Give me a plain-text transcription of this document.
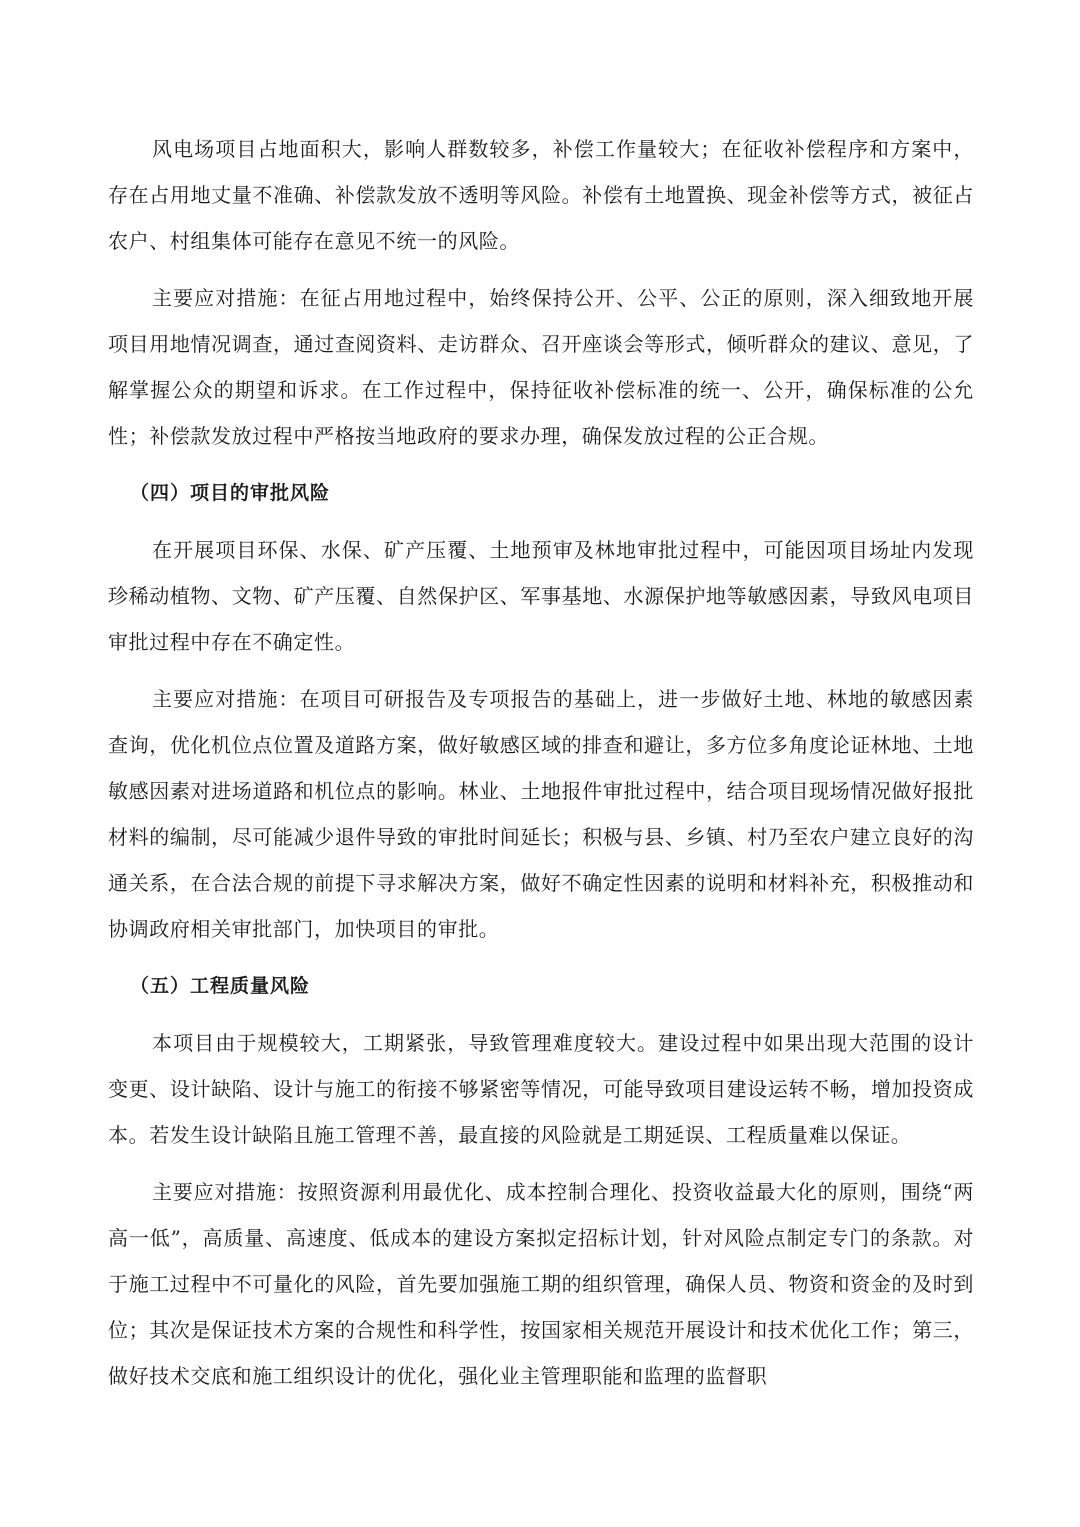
风电场项目占地面积大，影响人群数较多，补偿工作量较大；在征收补偿程序和方案中，存在占用地丈量不准确、补偿款发放不透明等风险。补偿有土地置换、现金补偿等方式，被征占农户、村组集体可能存在意见不统一的风险。

主要应对措施：在征占用地过程中，始终保持公开、公平、公正的原则，深入细致地开展项目用地情况调查，通过查阅资料、走访群众、召开座谈会等形式，倾听群众的建议、意见，了解掌握公众的期望和诉求。在工作过程中，保持征收补偿标准的统一、公开，确保标准的公允性；补偿款发放过程中严格按当地政府的要求办理，确保发放过程的公正合规。

（四）项目的审批风险

在开展项目环保、水保、矿产压覆、土地预审及林地审批过程中，可能因项目场址内发现珍稀动植物、文物、矿产压覆、自然保护区、军事基地、水源保护地等敏感因素，导致风电项目审批过程中存在不确定性。

主要应对措施：在项目可研报告及专项报告的基础上，进一步做好土地、林地的敏感因素查询，优化机位点位置及道路方案，做好敏感区域的排查和避让，多方位多角度论证林地、土地敏感因素对进场道路和机位点的影响。林业、土地报件审批过程中，结合项目现场情况做好报批材料的编制，尽可能减少退件导致的审批时间延长；积极与县、乡镇、村乃至农户建立良好的沟通关系，在合法合规的前提下寻求解决方案，做好不确定性因素的说明和材料补充，积极推动和协调政府相关审批部门，加快项目的审批。

（五）工程质量风险

本项目由于规模较大，工期紧张，导致管理难度较大。建设过程中如果出现大范围的设计变更、设计缺陷、设计与施工的衔接不够紧密等情况，可能导致项目建设运转不畅，增加投资成本。若发生设计缺陷且施工管理不善，最直接的风险就是工期延误、工程质量难以保证。

主要应对措施：按照资源利用最优化、成本控制合理化、投资收益最大化的原则，围绕“两高一低”，高质量、高速度、低成本的建设方案拟定招标计划，针对风险点制定专门的条款。对于施工过程中不可量化的风险，首先要加强施工期的组织管理，确保人员、物资和资金的及时到位；其次是保证技术方案的合规性和科学性，按国家相关规范开展设计和技术优化工作；第三，做好技术交底和施工组织设计的优化，强化业主管理职能和监理的监督职
